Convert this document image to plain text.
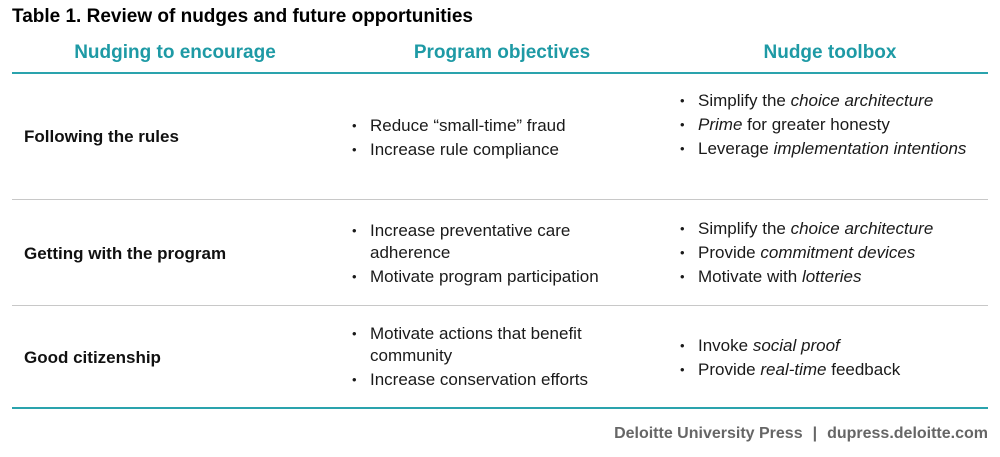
Table 1. Review of nudges and future opportunities
Nudging to encourage	Program objectives	Nudge toolbox
Following the rules
• Reduce “small-time” fraud
• Increase rule compliance
• Simplify the choice architecture
• Prime for greater honesty
• Leverage implementation intentions
Getting with the program
• Increase preventative care adherence
• Motivate program participation
• Simplify the choice architecture
• Provide commitment devices
• Motivate with lotteries
Good citizenship
• Motivate actions that benefit community
• Increase conservation efforts
• Invoke social proof
• Provide real-time feedback
Deloitte University Press | dupress.deloitte.com
